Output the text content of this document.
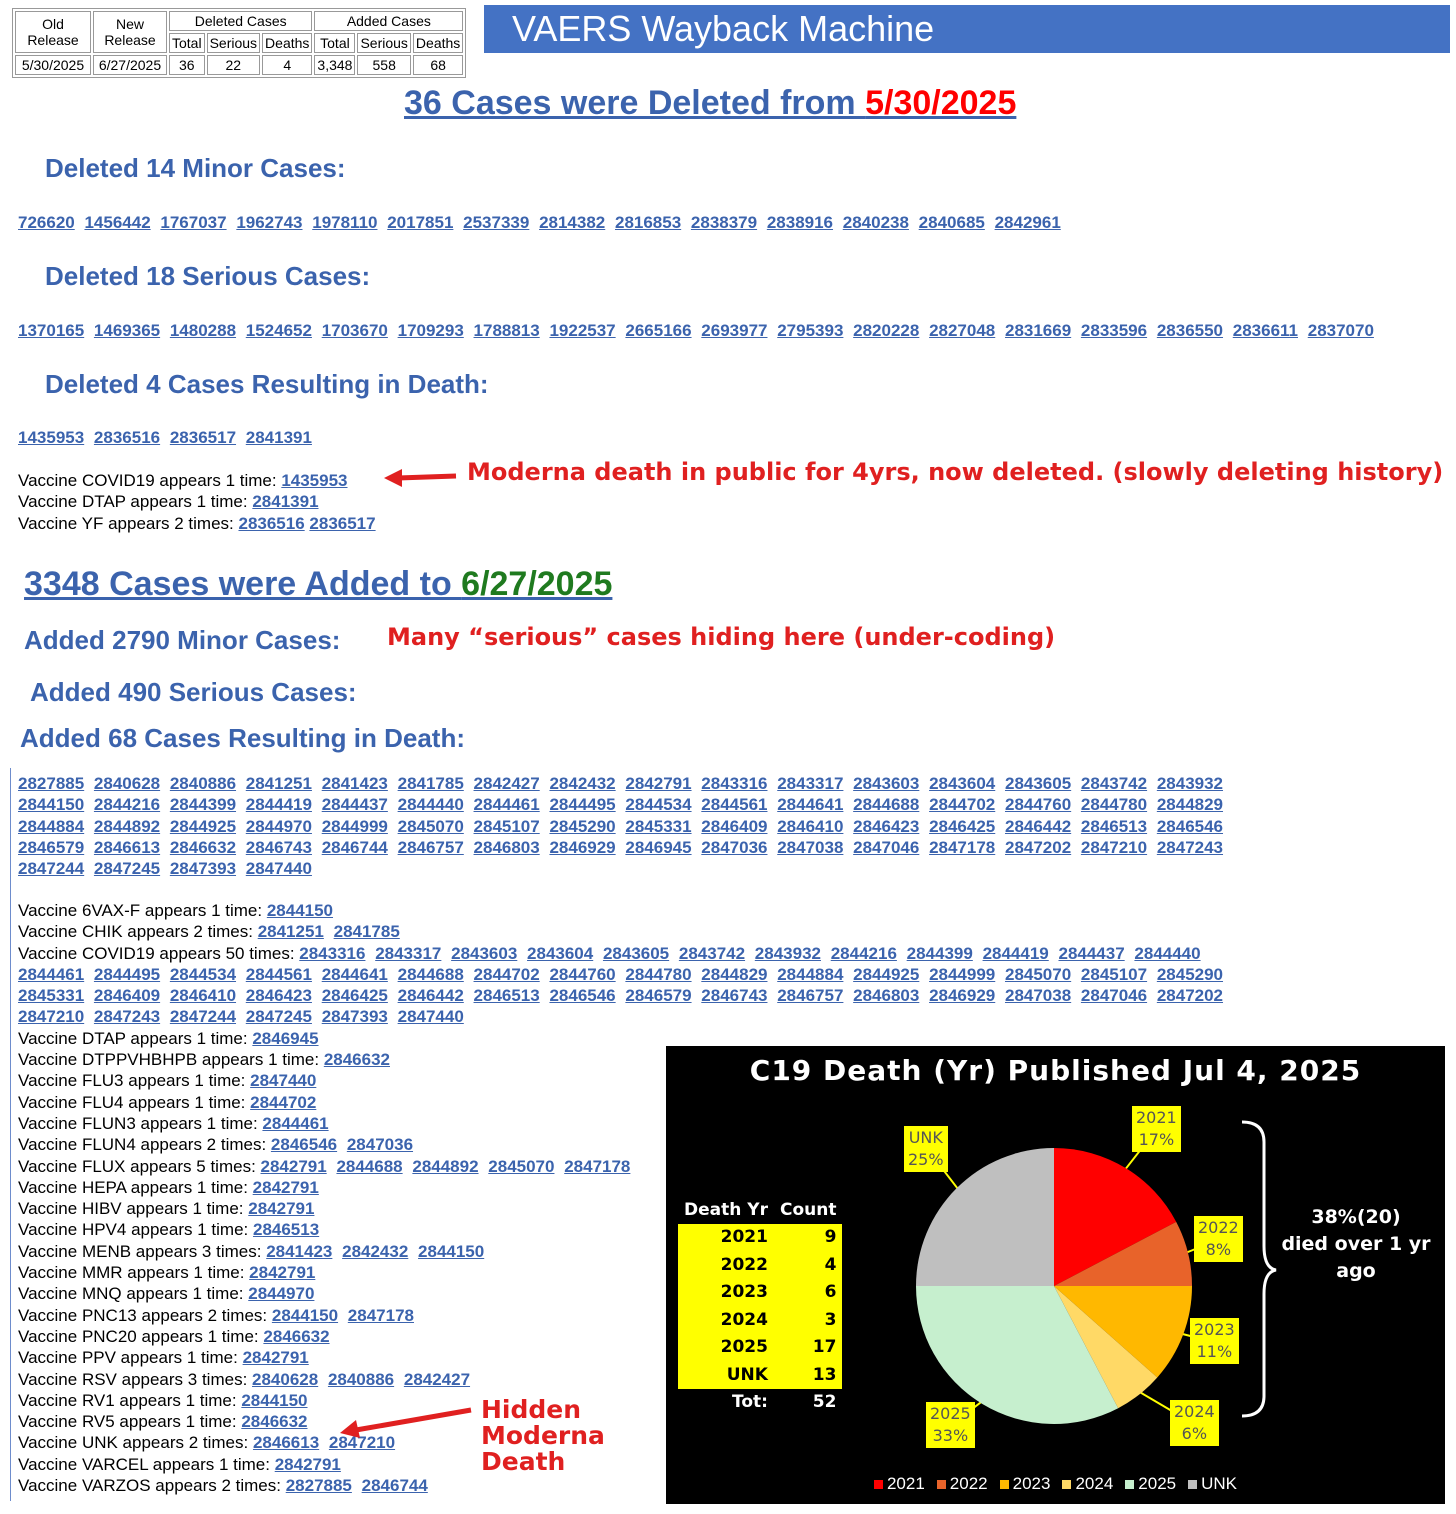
Old Release	New Release	Deleted Cases			Added Cases		
		Total	Serious	Deaths	Total	Serious	Deaths
5/30/2025	6/27/2025	36	22	4	3,348	558	68
VAERS Wayback Machine
36 Cases were Deleted from 5/30/2025
Deleted 14 Minor Cases:
726620 1456442 1767037 1962743 1978110 2017851 2537339 2814382 2816853 2838379 2838916 2840238 2840685 2842961
Deleted 18 Serious Cases:
1370165 1469365 1480288 1524652 1703670 1709293 1788813 1922537 2665166 2693977 2795393 2820228 2827048 2831669 2833596 2836550 2836611 2837070
Deleted 4 Cases Resulting in Death:
1435953 2836516 2836517 2841391
Vaccine COVID19 appears 1 time: 1435953
Vaccine DTAP appears 1 time: 2841391
Vaccine YF appears 2 times: 2836516 2836517
Moderna death in public for 4yrs, now deleted. (slowly deleting history)
3348 Cases were Added to 6/27/2025
Added 2790 Minor Cases: Many “serious” cases hiding here (under-coding)
Added 490 Serious Cases:
Added 68 Cases Resulting in Death:
2827885 2840628 2840886 2841251 2841423 2841785 2842427 2842432 2842791 2843316 2843317 2843603 2843604 2843605 2843742 2843932 2844150 2844216 2844399 2844419 2844437 2844440 2844461 2844495 2844534 2844561 2844641 2844688 2844702 2844760 2844780 2844829 2844884 2844892 2844925 2844970 2844999 2845070 2845107 2845290 2845331 2846409 2846410 2846423 2846425 2846442 2846513 2846546 2846579 2846613 2846632 2846743 2846744 2846757 2846803 2846929 2846945 2847036 2847038 2847046 2847178 2847202 2847210 2847243 2847244 2847245 2847393 2847440
Vaccine 6VAX-F appears 1 time: 2844150
Vaccine CHIK appears 2 times: 2841251 2841785
Vaccine COVID19 appears 50 times: 2843316 2843317 2843603 2843604 2843605 2843742 2843932 2844216 2844399 2844419 2844437 2844440 2844461 2844495 2844534 2844561 2844641 2844688 2844702 2844760 2844780 2844829 2844884 2844925 2844999 2845070 2845107 2845290 2845331 2846409 2846410 2846423 2846425 2846442 2846513 2846546 2846579 2846743 2846757 2846803 2846929 2847038 2847046 2847202 2847210 2847243 2847244 2847245 2847393 2847440
Vaccine DTAP appears 1 time: 2846945
Vaccine DTPPVHBHPB appears 1 time: 2846632
Vaccine FLU3 appears 1 time: 2847440
Vaccine FLU4 appears 1 time: 2844702
Vaccine FLUN3 appears 1 time: 2844461
Vaccine FLUN4 appears 2 times: 2846546 2847036
Vaccine FLUX appears 5 times: 2842791 2844688 2844892 2845070 2847178
Vaccine HEPA appears 1 time: 2842791
Vaccine HIBV appears 1 time: 2842791
Vaccine HPV4 appears 1 time: 2846513
Vaccine MENB appears 3 times: 2841423 2842432 2844150
Vaccine MMR appears 1 time: 2842791
Vaccine MNQ appears 1 time: 2844970
Vaccine PNC13 appears 2 times: 2844150 2847178
Vaccine PNC20 appears 1 time: 2846632
Vaccine PPV appears 1 time: 2842791
Vaccine RSV appears 3 times: 2840628 2840886 2842427
Vaccine RV1 appears 1 time: 2844150
Vaccine RV5 appears 1 time: 2846632
Vaccine UNK appears 2 times: 2846613 2847210
Vaccine VARCEL appears 1 time: 2842791
Vaccine VARZOS appears 2 times: 2827885 2846744
Hidden
Moderna
Death
C19 Death (Yr) Published Jul 4, 2025
Death Yr	Count
2021	9
2022	4
2023	6
2024	3
2025	17
UNK	13
Tot:	52
38%(20)
died over 1 yr ago
2021 2022 2023 2024 2025 UNK
2021
17%
2022
8%
2023
11%
2024
6%
2025
33%
UNK
25%
